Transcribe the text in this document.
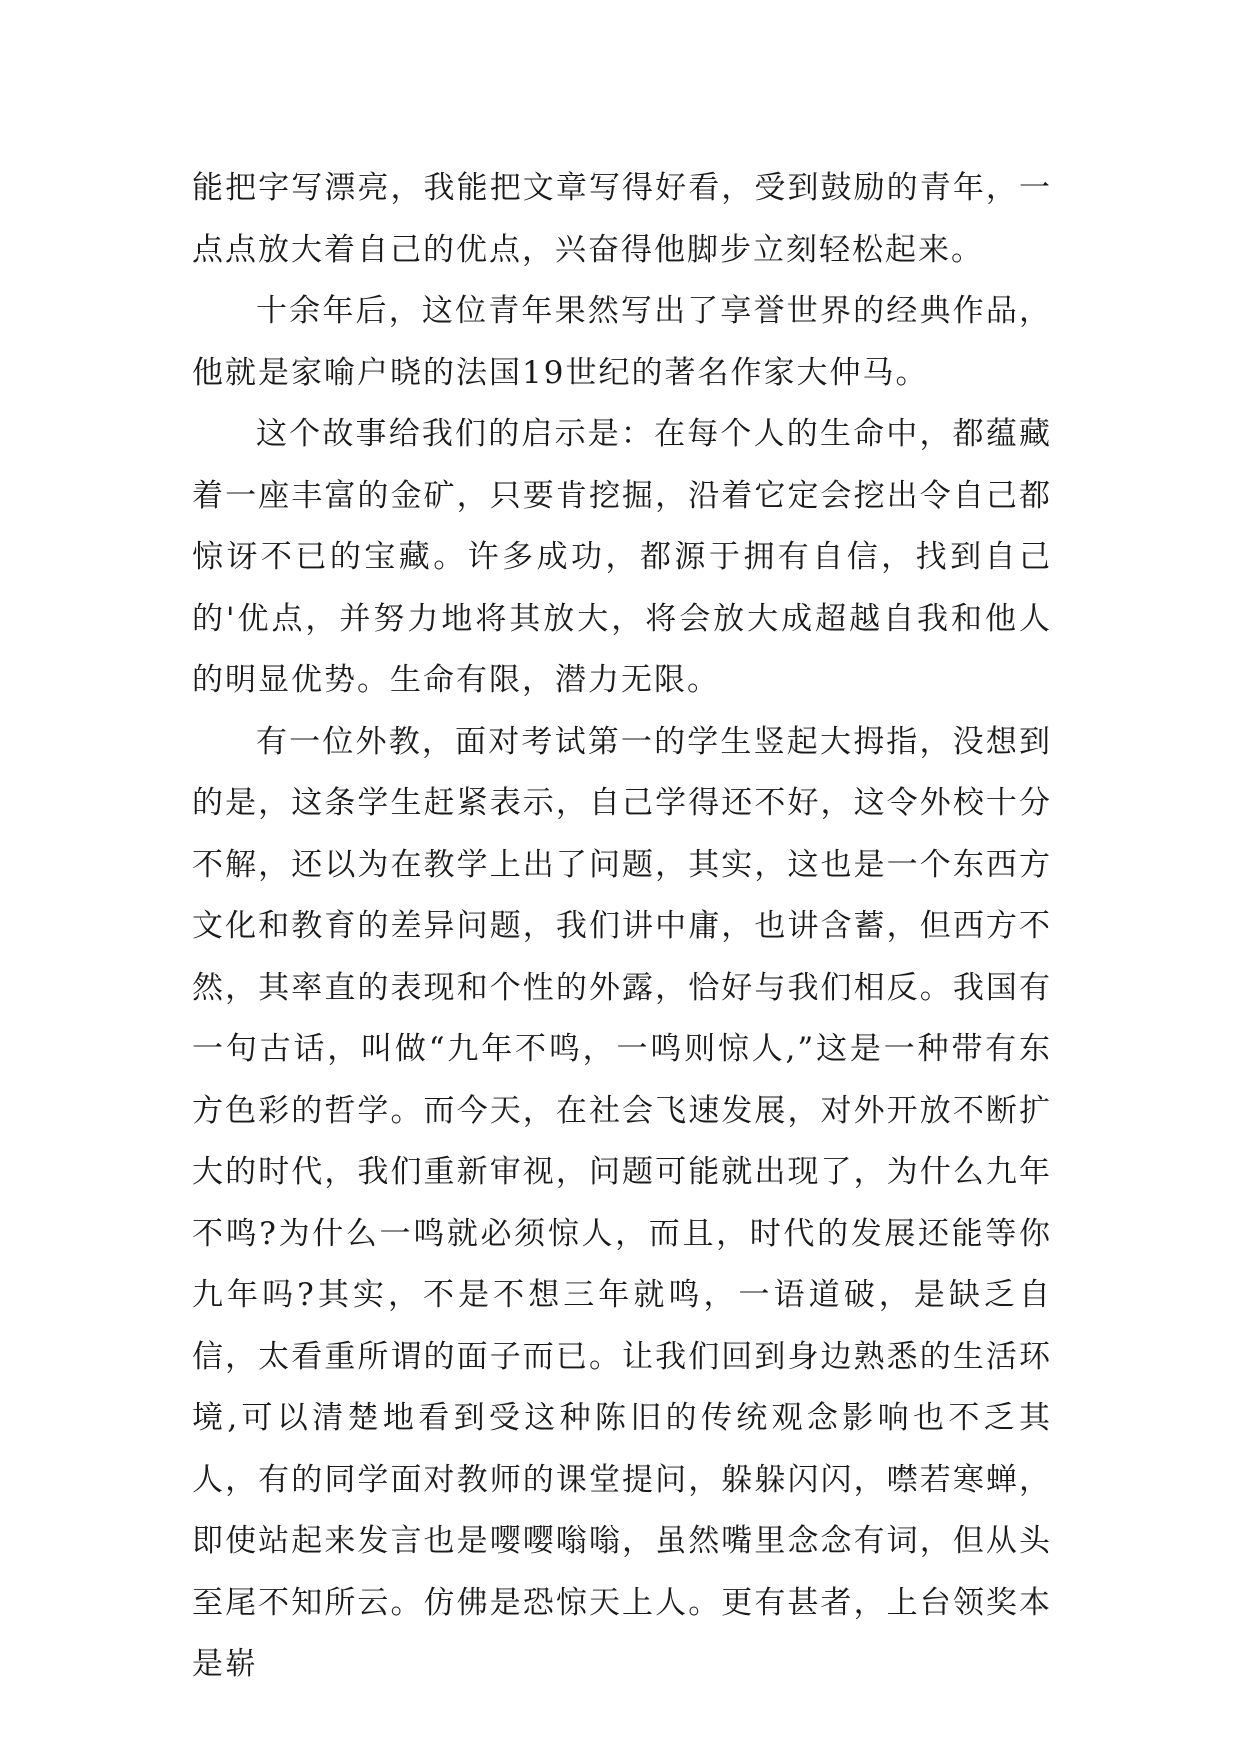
能把字写漂亮，我能把文章写得好看，受到鼓励的青年，一点点放大着自己的优点，兴奋得他脚步立刻轻松起来。

十余年后，这位青年果然写出了享誉世界的经典作品，他就是家喻户晓的法国19世纪的著名作家大仲马。

这个故事给我们的启示是：在每个人的生命中，都蕴藏着一座丰富的金矿，只要肯挖掘，沿着它定会挖出令自己都惊讶不已的宝藏。许多成功，都源于拥有自信，找到自己的'优点，并努力地将其放大，将会放大成超越自我和他人的明显优势。生命有限，潜力无限。

有一位外教，面对考试第一的学生竖起大拇指，没想到的是，这条学生赶紧表示，自己学得还不好，这令外校十分不解，还以为在教学上出了问题，其实，这也是一个东西方文化和教育的差异问题，我们讲中庸，也讲含蓄，但西方不然，其率直的表现和个性的外露，恰好与我们相反。我国有一句古话，叫做“九年不鸣，一鸣则惊人,”这是一种带有东方色彩的哲学。而今天，在社会飞速发展，对外开放不断扩大的时代，我们重新审视，问题可能就出现了，为什么九年不鸣?为什么一鸣就必须惊人，而且，时代的发展还能等你九年吗?其实，不是不想三年就鸣，一语道破，是缺乏自信，太看重所谓的面子而已。让我们回到身边熟悉的生活环境,可以清楚地看到受这种陈旧的传统观念影响也不乏其人，有的同学面对教师的课堂提问，躲躲闪闪，噤若寒蝉，即使站起来发言也是嘤嘤嗡嗡，虽然嘴里念念有词，但从头至尾不知所云。仿佛是恐惊天上人。更有甚者，上台领奖本是崭
